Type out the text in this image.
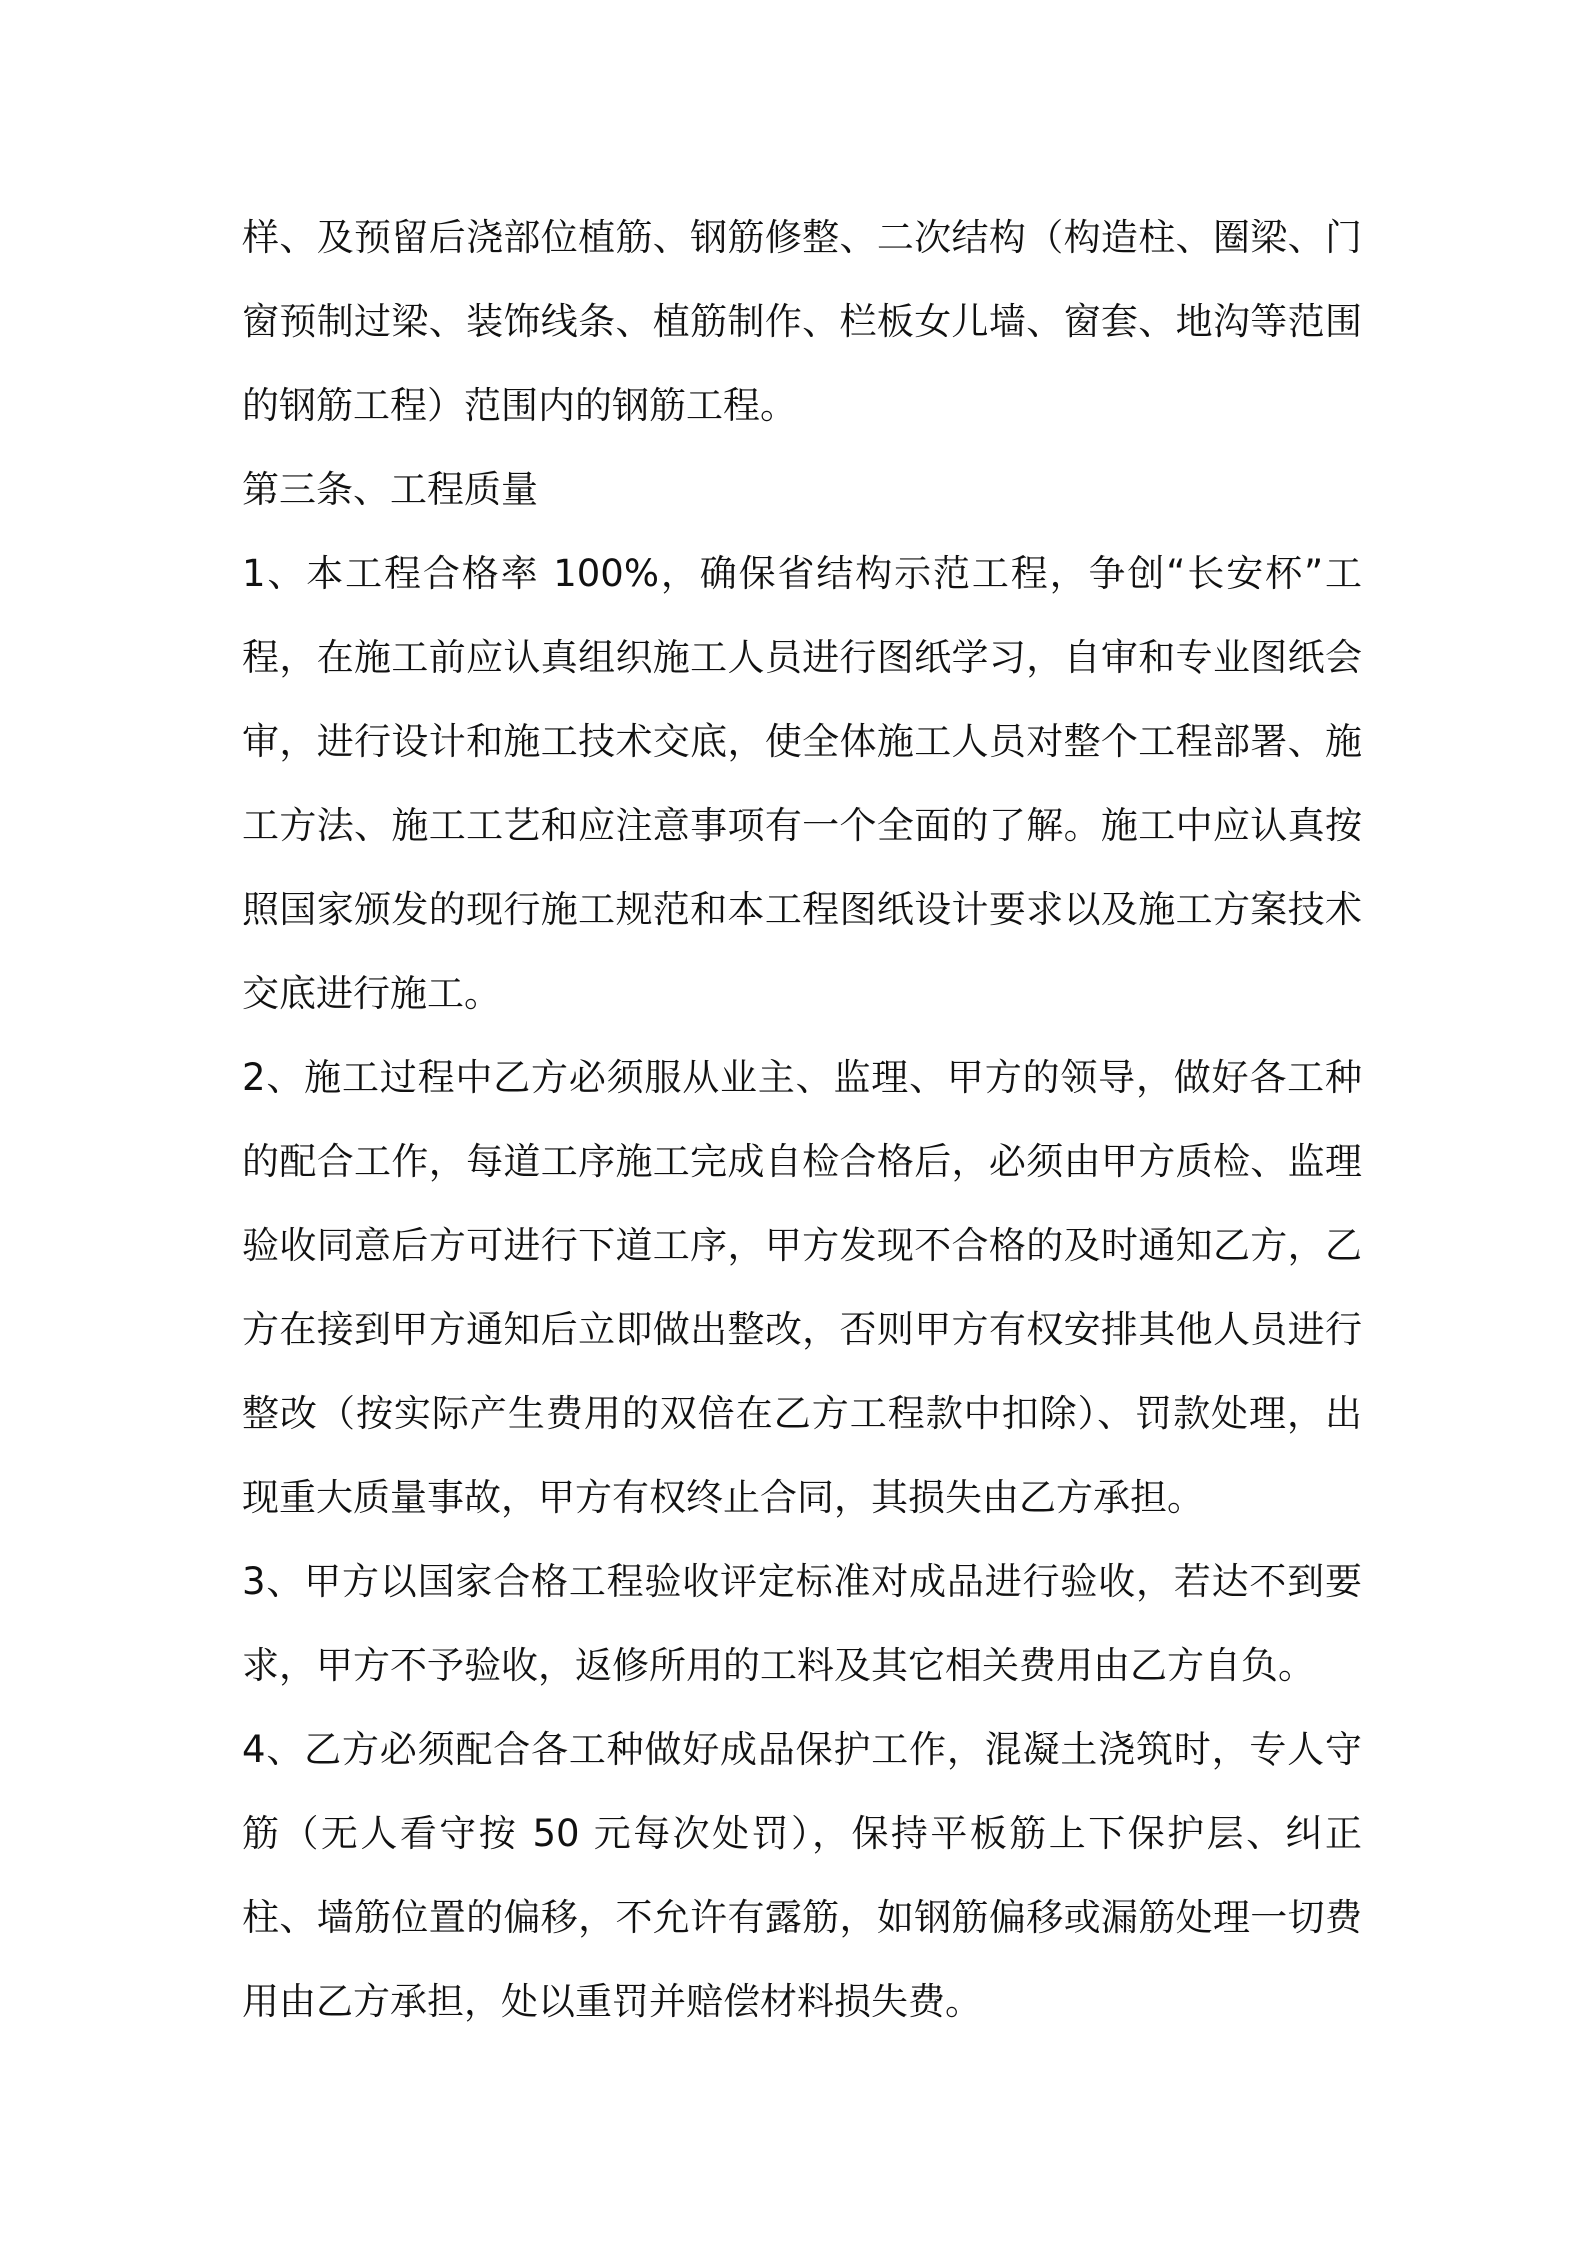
样、及预留后浇部位植筋、钢筋修整、二次结构（构造柱、圈梁、门窗预制过梁、装饰线条、植筋制作、栏板女儿墙、窗套、地沟等范围的钢筋工程）范围内的钢筋工程。

第三条、工程质量

1、本工程合格率 100%，确保省结构示范工程，争创“长安杯”工程，在施工前应认真组织施工人员进行图纸学习，自审和专业图纸会审，进行设计和施工技术交底，使全体施工人员对整个工程部署、施工方法、施工工艺和应注意事项有一个全面的了解。施工中应认真按照国家颁发的现行施工规范和本工程图纸设计要求以及施工方案技术交底进行施工。

2、施工过程中乙方必须服从业主、监理、甲方的领导，做好各工种的配合工作，每道工序施工完成自检合格后，必须由甲方质检、监理验收同意后方可进行下道工序，甲方发现不合格的及时通知乙方，乙方在接到甲方通知后立即做出整改，否则甲方有权安排其他人员进行整改（按实际产生费用的双倍在乙方工程款中扣除）、罚款处理，出现重大质量事故，甲方有权终止合同，其损失由乙方承担。

3、甲方以国家合格工程验收评定标准对成品进行验收，若达不到要求，甲方不予验收，返修所用的工料及其它相关费用由乙方自负。

4、乙方必须配合各工种做好成品保护工作，混凝土浇筑时，专人守筋（无人看守按 50 元每次处罚），保持平板筋上下保护层、纠正柱、墙筋位置的偏移，不允许有露筋，如钢筋偏移或漏筋处理一切费用由乙方承担，处以重罚并赔偿材料损失费。
